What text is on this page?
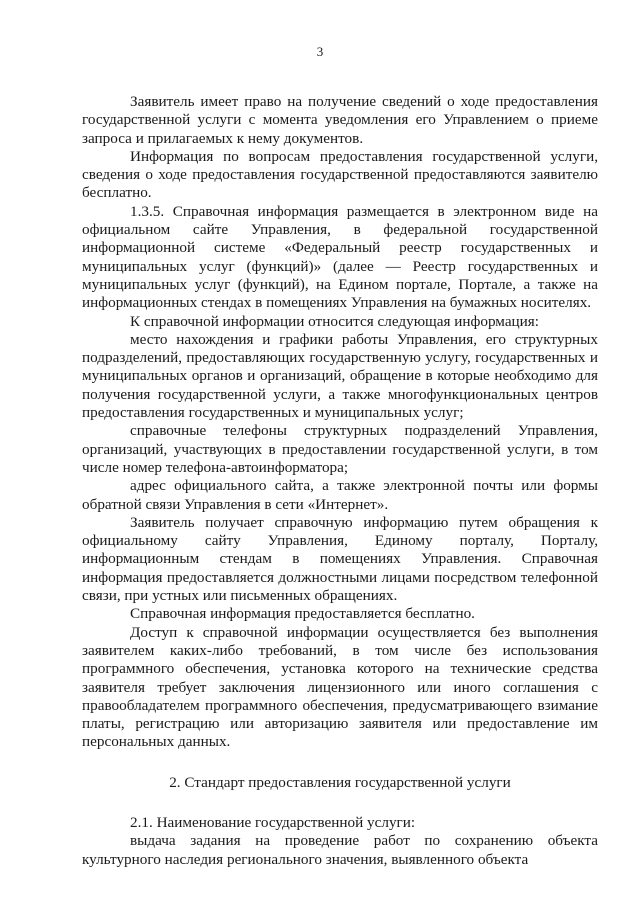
3

Заявитель имеет право на получение сведений о ходе предоставления государственной услуги с момента уведомления его Управлением о приеме запроса и прилагаемых к нему документов.

Информация по вопросам предоставления государственной услуги, сведения о ходе предоставления государственной предоставляются заявителю бесплатно.

1.3.5. Справочная информация размещается в электронном виде на официальном сайте Управления, в федеральной государственной информационной системе «Федеральный реестр государственных и муниципальных услуг (функций)» (далее — Реестр государственных и муниципальных услуг (функций), на Едином портале, Портале, а также на информационных стендах в помещениях Управления на бумажных носителях.

К справочной информации относится следующая информация:

место нахождения и графики работы Управления, его структурных подразделений, предоставляющих государственную услугу, государственных и муниципальных органов и организаций, обращение в которые необходимо для получения государственной услуги, а также многофункциональных центров предоставления государственных и муниципальных услуг;

справочные телефоны структурных подразделений Управления, организаций, участвующих в предоставлении государственной услуги, в том числе номер телефона-автоинформатора;

адрес официального сайта, а также электронной почты или формы обратной связи Управления в сети «Интернет».

Заявитель получает справочную информацию путем обращения к официальному сайту Управления, Единому порталу, Порталу, информационным стендам в помещениях Управления. Справочная информация предоставляется должностными лицами посредством телефонной связи, при устных или письменных обращениях.

Справочная информация предоставляется бесплатно.

Доступ к справочной информации осуществляется без выполнения заявителем каких-либо требований, в том числе без использования программного обеспечения, установка которого на технические средства заявителя требует заключения лицензионного или иного соглашения с правообладателем программного обеспечения, предусматривающего взимание платы, регистрацию или авторизацию заявителя или предоставление им персональных данных.

2. Стандарт предоставления государственной услуги

2.1. Наименование государственной услуги:

выдача задания на проведение работ по сохранению объекта культурного наследия регионального значения, выявленного объекта
